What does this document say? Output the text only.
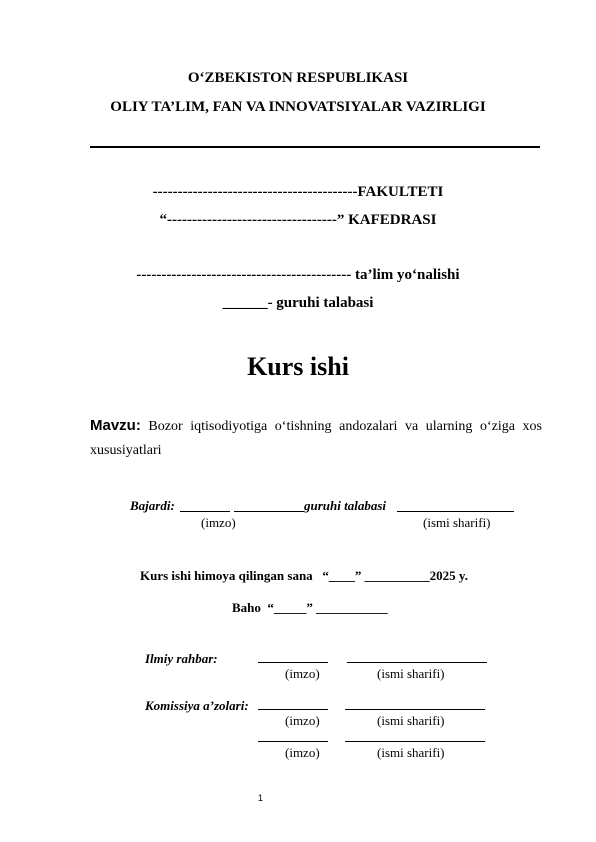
O‘ZBEKISTON RESPUBLIKASI
OLIY TA’LIM, FAN VA INNOVATSIYALAR VAZIRLIGI
-----------------------------------------FAKULTETI
“----------------------------------” KAFEDRASI
------------------------------------------- ta’lim yo‘nalishi
______- guruhi talabasi
Kurs ishi
Mavzu: Bozor iqtisodiyotiga o‘tishning andozalari va ularning o‘ziga xos xususiyatlari
Bajardi:	guruhi talabasi
(imzo)	(ismi sharifi)
Kurs ishi himoya qilingan sana “____” __________2025 y.
Baho “_____” ___________
Ilmiy rahbar:
(imzo)	(ismi sharifi)
Komissiya a’zolari:
(imzo)	(ismi sharifi)
(imzo)	(ismi sharifi)
1
